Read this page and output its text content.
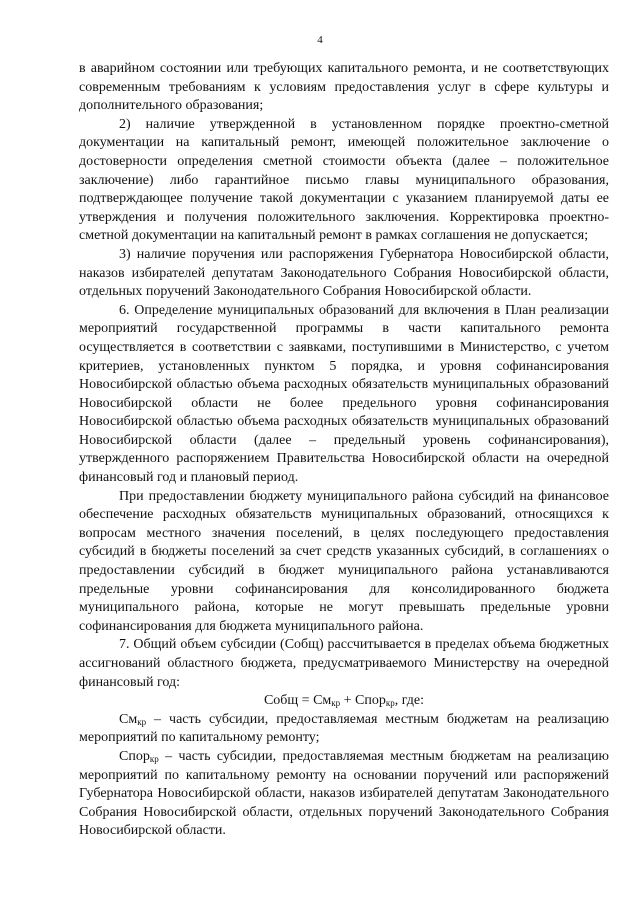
4

в аварийном состоянии или требующих капитального ремонта, и не соответствующих современным требованиям к условиям предоставления услуг в сфере культуры и дополнительного образования;

2) наличие утвержденной в установленном порядке проектно-сметной документации на капитальный ремонт, имеющей положительное заключение о достоверности определения сметной стоимости объекта (далее – положительное заключение) либо гарантийное письмо главы муниципального образования, подтверждающее получение такой документации с указанием планируемой даты ее утверждения и получения положительного заключения. Корректировка проектно-сметной документации на капитальный ремонт в рамках соглашения не допускается;

3) наличие поручения или распоряжения Губернатора Новосибирской области, наказов избирателей депутатам Законодательного Собрания Новосибирской области, отдельных поручений Законодательного Собрания Новосибирской области.

6. Определение муниципальных образований для включения в План реализации мероприятий государственной программы в части капитального ремонта осуществляется в соответствии с заявками, поступившими в Министерство, с учетом критериев, установленных пунктом 5 порядка, и уровня софинансирования Новосибирской областью объема расходных обязательств муниципальных образований Новосибирской области не более предельного уровня софинансирования Новосибирской областью объема расходных обязательств муниципальных образований Новосибирской области (далее – предельный уровень софинансирования), утвержденного распоряжением Правительства Новосибирской области на очередной финансовый год и плановый период.

При предоставлении бюджету муниципального района субсидий на финансовое обеспечение расходных обязательств муниципальных образований, относящихся к вопросам местного значения поселений, в целях последующего предоставления субсидий в бюджеты поселений за счет средств указанных субсидий, в соглашениях о предоставлении субсидий в бюджет муниципального района устанавливаются предельные уровни софинансирования для консолидированного бюджета муниципального района, которые не могут превышать предельные уровни софинансирования для бюджета муниципального района.

7. Общий объем субсидии (Собщ) рассчитывается в пределах объема бюджетных ассигнований областного бюджета, предусматриваемого Министерству на очередной финансовый год:

Собщ = $См_{кр}$ + Спор$_{кр}$, где:

$См_{кр}$ – часть субсидии, предоставляемая местным бюджетам на реализацию мероприятий по капитальному ремонту;

Спор$_{кр}$ – часть субсидии, предоставляемая местным бюджетам на реализацию мероприятий по капитальному ремонту на основании поручений или распоряжений Губернатора Новосибирской области, наказов избирателей депутатам Законодательного Собрания Новосибирской области, отдельных поручений Законодательного Собрания Новосибирской области.
